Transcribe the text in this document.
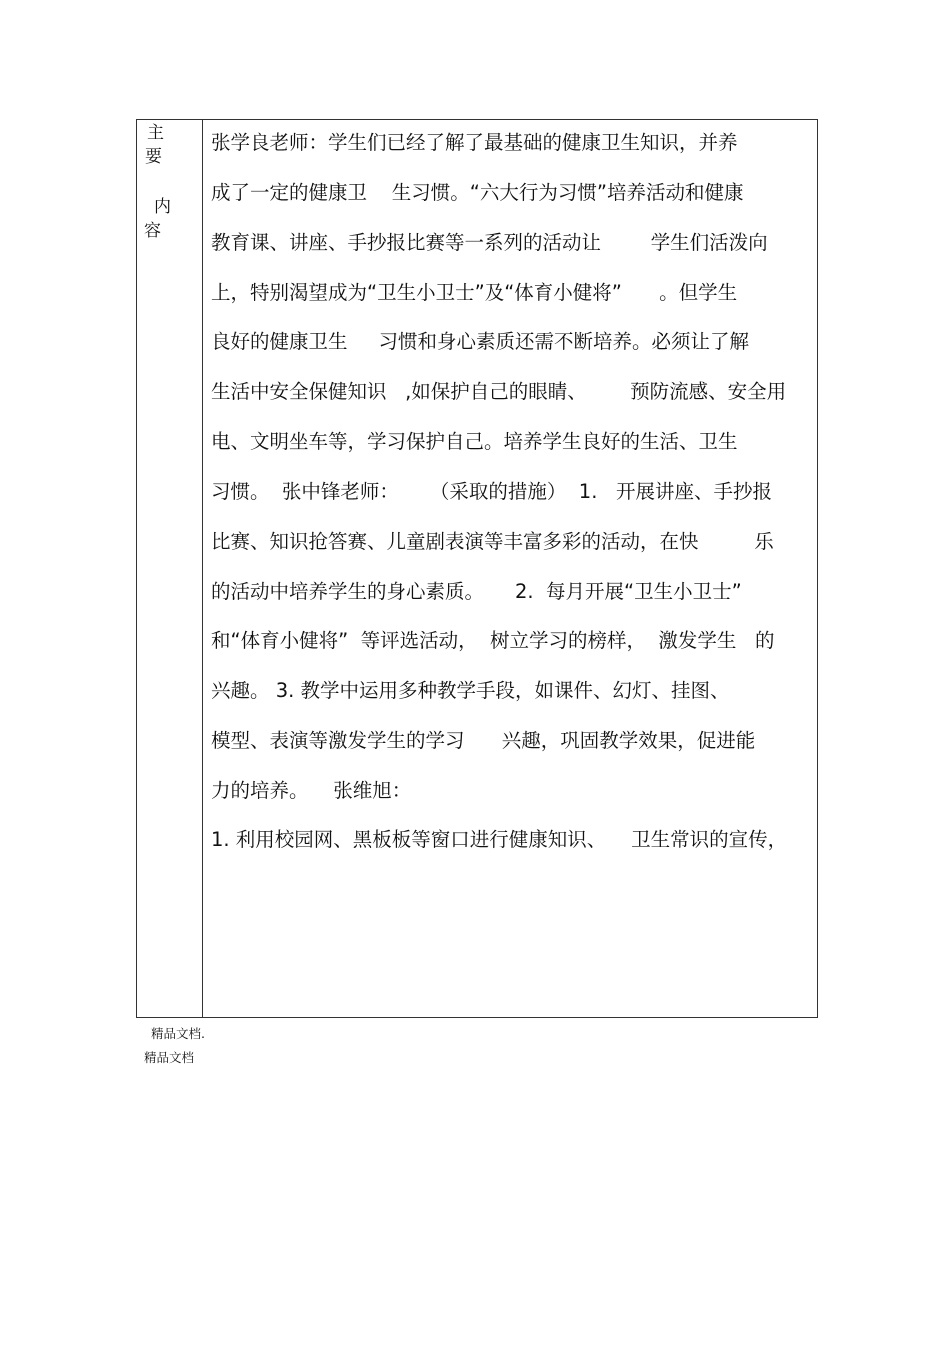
主
要
内
容
张学良老师：学生们已经了解了最基础的健康卫生知识，并养
成了一定的健康卫    生习惯。“六大行为习惯”培养活动和健康
教育课、讲座、手抄报比赛等一系列的活动让        学生们活泼向
上，特别渴望成为“卫生小卫士”及“体育小健将”      。但学生
良好的健康卫生     习惯和身心素质还需不断培养。必须让了解
生活中安全保健知识   ,如保护自己的眼睛、       预防流感、安全用
电、文明坐车等，学习保护自己。培养学生良好的生活、卫生
习惯。  张中锋老师：     （采取的措施）  1.   开展讲座、手抄报
比赛、知识抢答赛、儿童剧表演等丰富多彩的活动，在快         乐
的活动中培养学生的身心素质。     2.  每月开展“卫生小卫士”
和“体育小健将”  等评选活动，  树立学习的榜样，  激发学生   的
兴趣。 3. 教学中运用多种教学手段，如课件、幻灯、挂图、
模型、表演等激发学生的学习      兴趣，巩固教学效果，促进能
力的培养。    张维旭：
1. 利用校园网、黑板板等窗口进行健康知识、    卫生常识的宣传，
精品文档.
精品文档
